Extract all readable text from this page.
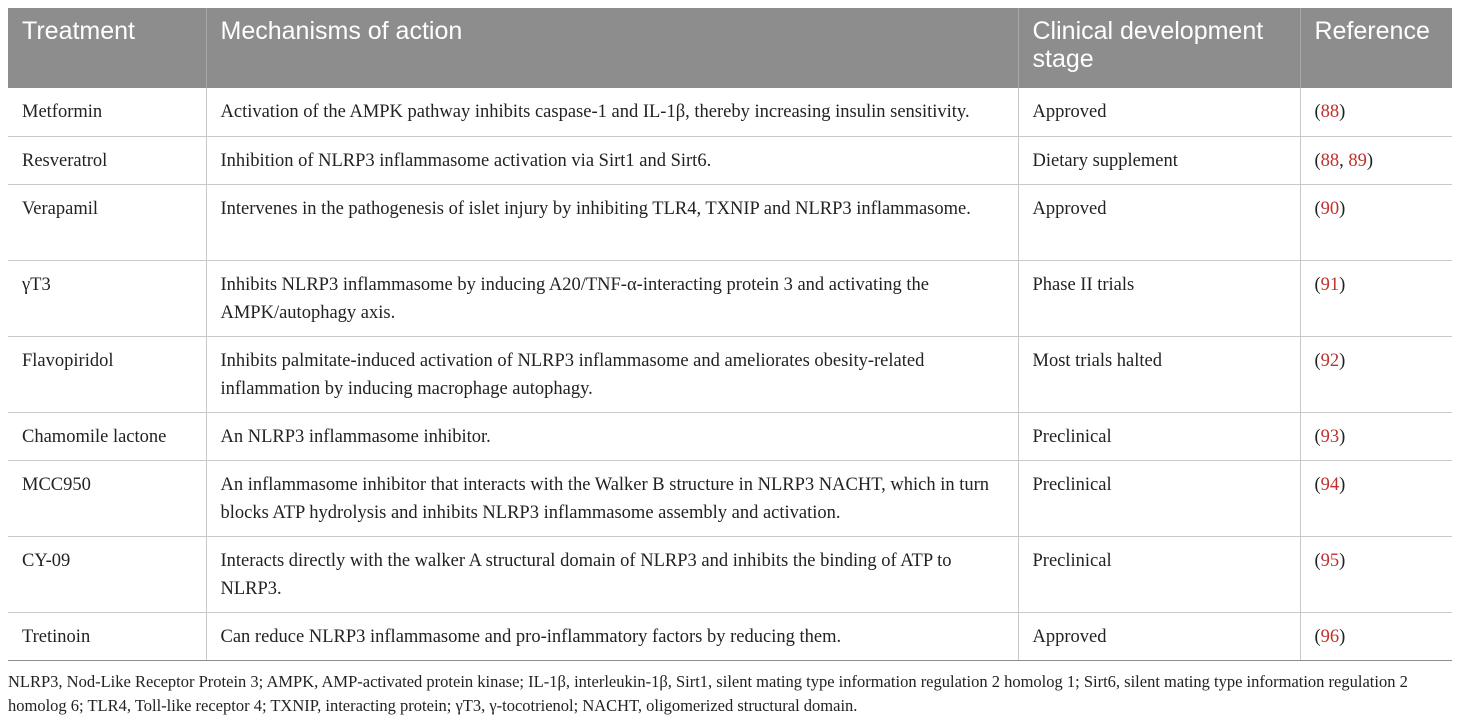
Treatment	Mechanisms of action	Clinical development stage	Reference
Metformin	Activation of the AMPK pathway inhibits caspase-1 and IL-1β, thereby increasing insulin sensitivity.	Approved	(88)
Resveratrol	Inhibition of NLRP3 inflammasome activation via Sirt1 and Sirt6.	Dietary supplement	(88, 89)
Verapamil	Intervenes in the pathogenesis of islet injury by inhibiting TLR4, TXNIP and NLRP3 inflammasome.	Approved	(90)
γT3	Inhibits NLRP3 inflammasome by inducing A20/TNF-α-interacting protein 3 and activating the AMPK/autophagy axis.	Phase II trials	(91)
Flavopiridol	Inhibits palmitate-induced activation of NLRP3 inflammasome and ameliorates obesity-related inflammation by inducing macrophage autophagy.	Most trials halted	(92)
Chamomile lactone	An NLRP3 inflammasome inhibitor.	Preclinical	(93)
MCC950	An inflammasome inhibitor that interacts with the Walker B structure in NLRP3 NACHT, which in turn blocks ATP hydrolysis and inhibits NLRP3 inflammasome assembly and activation.	Preclinical	(94)
CY-09	Interacts directly with the walker A structural domain of NLRP3 and inhibits the binding of ATP to NLRP3.	Preclinical	(95)
Tretinoin	Can reduce NLRP3 inflammasome and pro-inflammatory factors by reducing them.	Approved	(96)
NLRP3, Nod-Like Receptor Protein 3; AMPK, AMP-activated protein kinase; IL-1β, interleukin-1β, Sirt1, silent mating type information regulation 2 homolog 1; Sirt6, silent mating type information regulation 2 homolog 6; TLR4, Toll-like receptor 4; TXNIP, interacting protein; γT3, γ-tocotrienol; NACHT, oligomerized structural domain.
